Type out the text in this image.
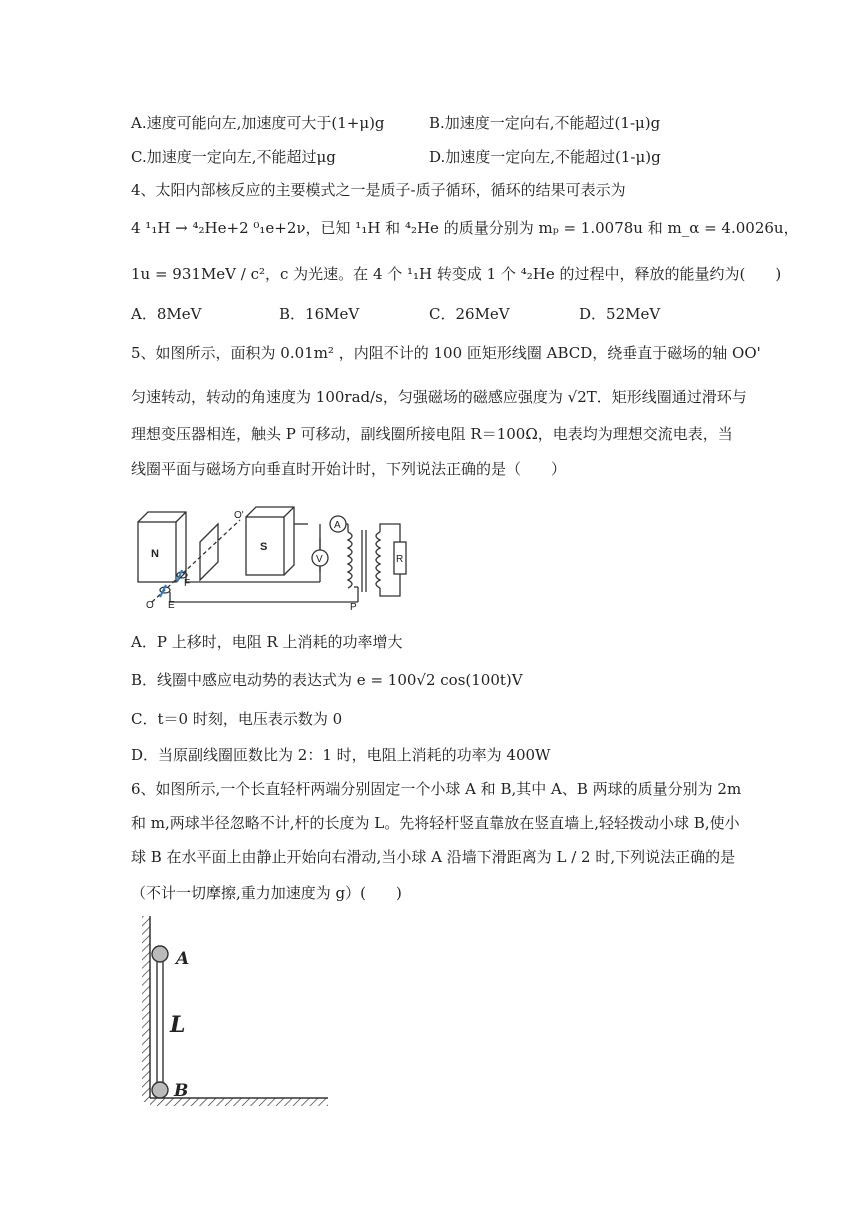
A.速度可能向左,加速度可大于(1+μ)g	B.加速度一定向右,不能超过(1-μ)g
C.加速度一定向左,不能超过μg	D.加速度一定向左,不能超过(1-μ)g
4、太阳内部核反应的主要模式之一是质子-质子循环，循环的结果可表示为
4 ¹₁H → ⁴₂He+2 ⁰₁e+2ν，已知 ¹₁H 和 ⁴₂He 的质量分别为 mₚ = 1.0078u 和 m_α = 4.0026u，
1u = 931MeV / c²，c 为光速。在 4 个 ¹₁H 转变成 1 个 ⁴₂He 的过程中，释放的能量约为(　　)
A．8MeV	B．16MeV	C．26MeV	D．52MeV
5、如图所示，面积为 0.01m² ，内阻不计的 100 匝矩形线圈 ABCD，绕垂直于磁场的轴 OO'
匀速转动，转动的角速度为 100rad/s，匀强磁场的磁感应强度为 √2T．矩形线圈通过滑环与
理想变压器相连，触头 P 可移动，副线圈所接电阻 R＝100Ω，电表均为理想交流电表，当
线圈平面与磁场方向垂直时开始计时，下列说法正确的是（　　）
N
S
O'
O E
F
A
V	R
P
A．P 上移时，电阻 R 上消耗的功率增大
B．线圈中感应电动势的表达式为 e = 100√2 cos(100t)V
C．t＝0 时刻，电压表示数为 0
D．当原副线圈匝数比为 2：1 时，电阻上消耗的功率为 400W
6、如图所示,一个长直轻杆两端分别固定一个小球 A 和 B,其中 A、B 两球的质量分别为 2m
和 m,两球半径忽略不计,杆的长度为 L。先将轻杆竖直靠放在竖直墙上,轻轻拨动小球 B,使小
球 B 在水平面上由静止开始向右滑动,当小球 A 沿墙下滑距离为 L / 2 时,下列说法正确的是
（不计一切摩擦,重力加速度为 g）(　　)
A
L
B
